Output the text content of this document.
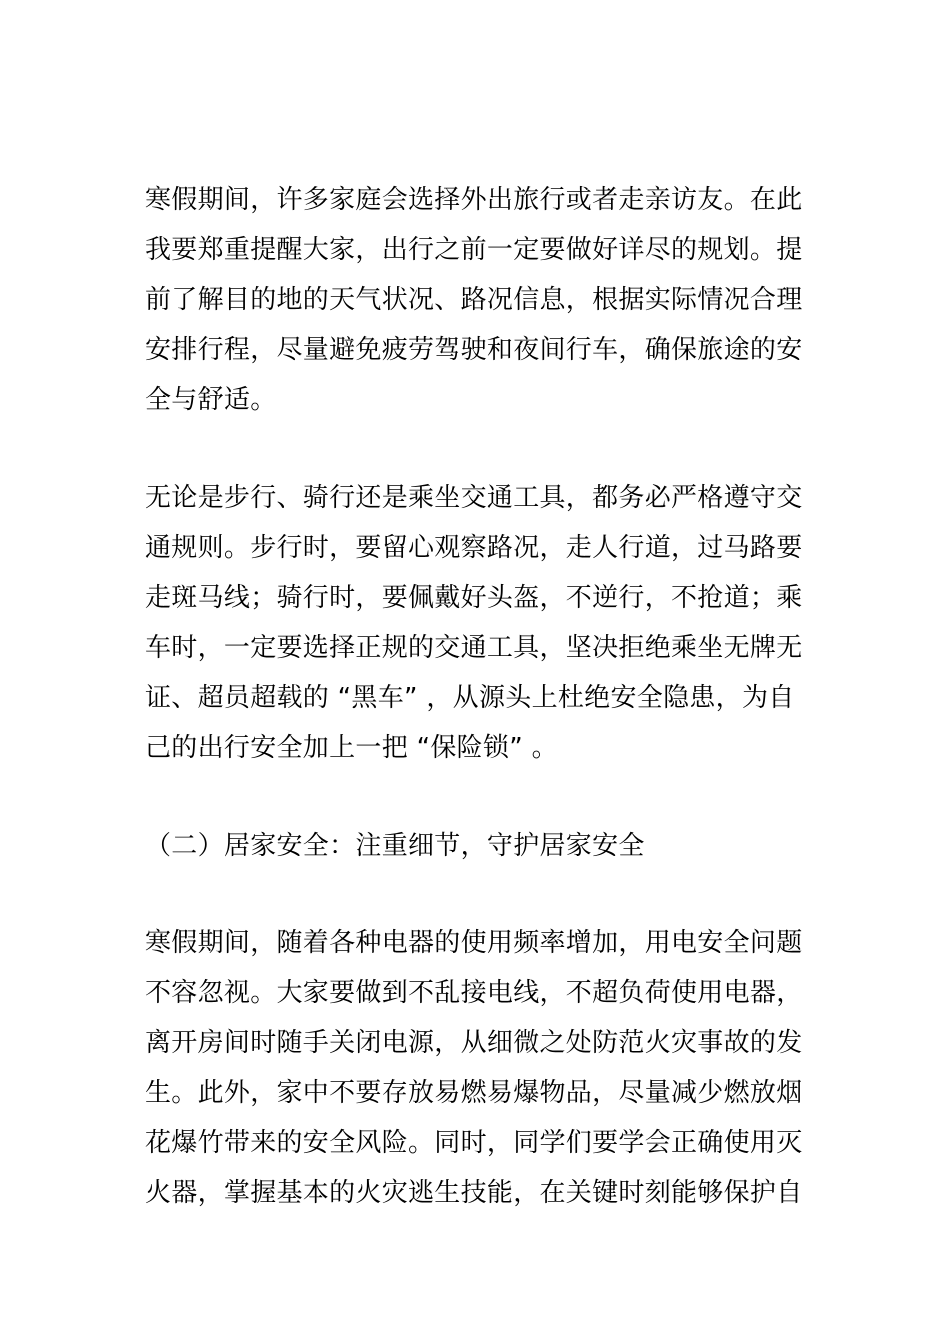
寒假期间，许多家庭会选择外出旅行或者走亲访友。在此
我要郑重提醒大家，出行之前一定要做好详尽的规划。提
前了解目的地的天气状况、路况信息，根据实际情况合理
安排行程，尽量避免疲劳驾驶和夜间行车，确保旅途的安
全与舒适。
无论是步行、骑行还是乘坐交通工具，都务必严格遵守交
通规则。步行时，要留心观察路况，走人行道，过马路要
走斑马线；骑行时，要佩戴好头盔，不逆行，不抢道；乘
车时，一定要选择正规的交通工具，坚决拒绝乘坐无牌无
证、超员超载的 “黑车” ，从源头上杜绝安全隐患，为自
己的出行安全加上一把 “保险锁” 。
（二）居家安全：注重细节，守护居家安全
寒假期间，随着各种电器的使用频率增加，用电安全问题
不容忽视。大家要做到不乱接电线，不超负荷使用电器，
离开房间时随手关闭电源，从细微之处防范火灾事故的发
生。此外，家中不要存放易燃易爆物品，尽量减少燃放烟
花爆竹带来的安全风险。同时，同学们要学会正确使用灭
火器，掌握基本的火灾逃生技能，在关键时刻能够保护自
